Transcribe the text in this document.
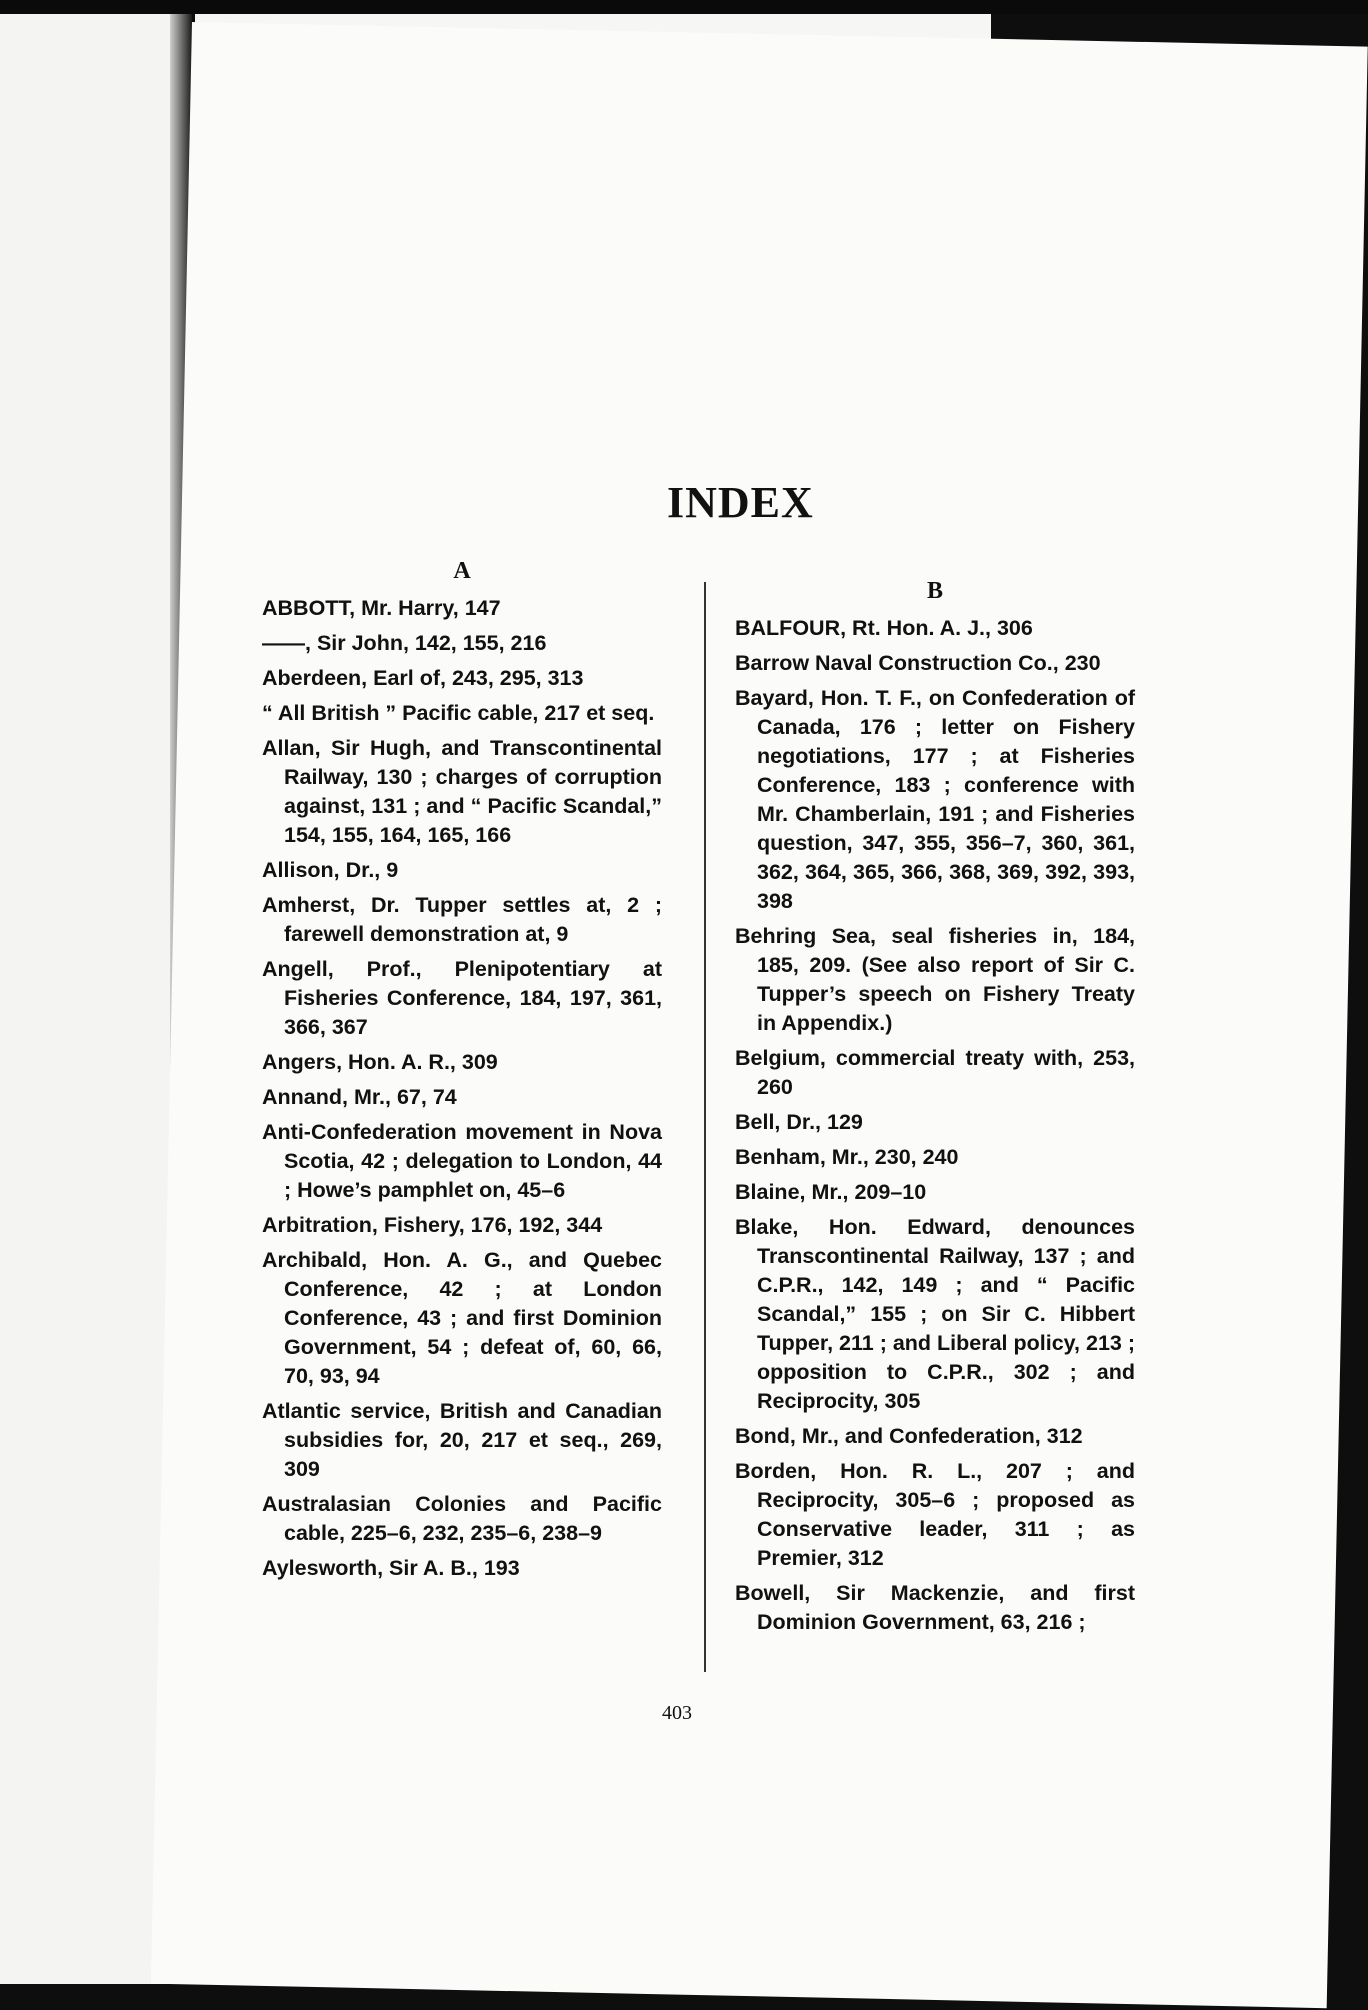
INDEX
A
ABBOTT, Mr. Harry, 147
——, Sir John, 142, 155, 216
Aberdeen, Earl of, 243, 295, 313
“ All British ” Pacific cable, 217 et seq.
Allan, Sir Hugh, and Transcontinental Railway, 130 ; charges of corruption against, 131 ; and “ Pacific Scandal,” 154, 155, 164, 165, 166
Allison, Dr., 9
Amherst, Dr. Tupper settles at, 2 ; farewell demonstration at, 9
Angell, Prof., Plenipotentiary at Fisheries Conference, 184, 197, 361, 366, 367
Angers, Hon. A. R., 309
Annand, Mr., 67, 74
Anti-Confederation movement in Nova Scotia, 42 ; delegation to London, 44 ; Howe’s pamphlet on, 45–6
Arbitration, Fishery, 176, 192, 344
Archibald, Hon. A. G., and Quebec Conference, 42 ; at London Conference, 43 ; and first Dominion Government, 54 ; defeat of, 60, 66, 70, 93, 94
Atlantic service, British and Canadian subsidies for, 20, 217 et seq., 269, 309
Australasian Colonies and Pacific cable, 225–6, 232, 235–6, 238–9
Aylesworth, Sir A. B., 193
B
BALFOUR, Rt. Hon. A. J., 306
Barrow Naval Construction Co., 230
Bayard, Hon. T. F., on Confederation of Canada, 176 ; letter on Fishery negotiations, 177 ; at Fisheries Conference, 183 ; conference with Mr. Chamberlain, 191 ; and Fisheries question, 347, 355, 356–7, 360, 361, 362, 364, 365, 366, 368, 369, 392, 393, 398
Behring Sea, seal fisheries in, 184, 185, 209. (See also report of Sir C. Tupper’s speech on Fishery Treaty in Appendix.)
Belgium, commercial treaty with, 253, 260
Bell, Dr., 129
Benham, Mr., 230, 240
Blaine, Mr., 209–10
Blake, Hon. Edward, denounces Transcontinental Railway, 137 ; and C.P.R., 142, 149 ; and “ Pacific Scandal,” 155 ; on Sir C. Hibbert Tupper, 211 ; and Liberal policy, 213 ; opposition to C.P.R., 302 ; and Reciprocity, 305
Bond, Mr., and Confederation, 312
Borden, Hon. R. L., 207 ; and Reciprocity, 305–6 ; proposed as Conservative leader, 311 ; as Premier, 312
Bowell, Sir Mackenzie, and first Dominion Government, 63, 216 ;
403
